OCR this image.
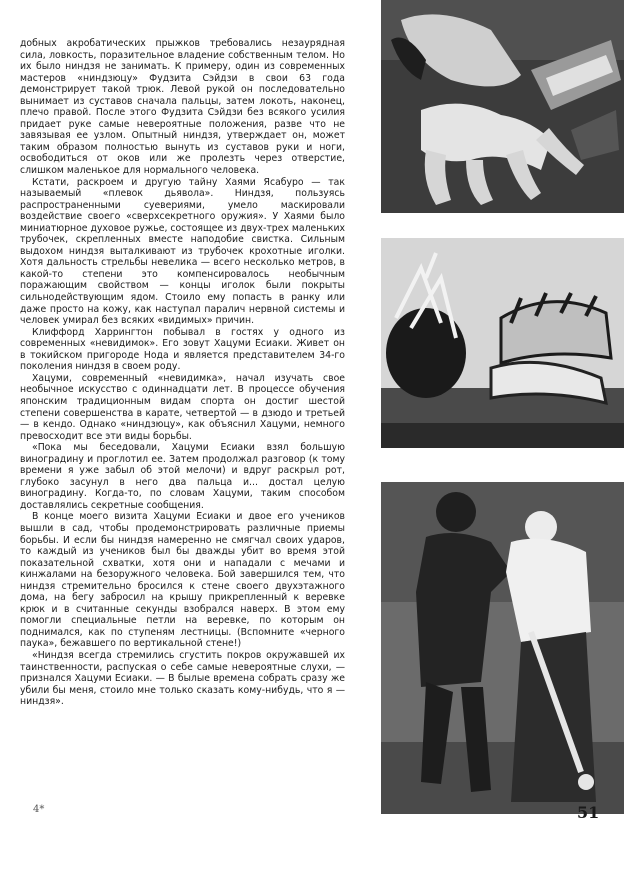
добных акробатических прыжков требовались незаурядная сила, ловкость, поразительное владение собственным телом. Но их было ниндзя не занимать. К примеру, один из современных мастеров «ниндзюцу» Фудзита Сэйдзи в свои 63 года демонстрирует такой трюк. Левой рукой он последовательно вынимает из суставов сначала пальцы, затем локоть, наконец, плечо правой. После этого Фудзита Сэйдзи без всякого усилия придает руке самые невероятные положения, разве что не завязывая ее узлом. Опытный ниндзя, утверждает он, может таким образом полностью вынуть из суставов руки и ноги, освободиться от оков или же пролезть через отверстие, слишком маленькое для нормального человека.

Кстати, раскроем и другую тайну Хаями Ясабуро — так называемый «плевок дьявола». Ниндзя, пользуясь распространенными суевериями, умело маскировали воздействие своего «сверхсекретного оружия». У Хаями было миниатюрное духовое ружье, состоящее из двух-трех маленьких трубочек, скрепленных вместе наподобие свистка. Сильным выдохом ниндзя выталкивают из трубочек крохотные иголки. Хотя дальность стрельбы невелика — всего несколько метров, в какой-то степени это компенсировалось необычным поражающим свойством — концы иголок были покрыты сильнодействующим ядом. Стоило ему попасть в ранку или даже просто на кожу, как наступал паралич нервной системы и человек умирал без всяких «видимых» причин.

Клиффорд Харрингтон побывал в гостях у одного из современных «невидимок». Его зовут Хацуми Есиаки. Живет он в токийском пригороде Нода и является представителем 34-го поколения ниндзя в своем роду.

Хацуми, современный «невидимка», начал изучать свое необычное искусство с одиннадцати лет. В процессе обучения японским традиционным видам спорта он достиг шестой степени совершенства в карате, четвертой — в дзюдо и третьей — в кендо. Однако «ниндзюцу», как объяснил Хацуми, немного превосходит все эти виды борьбы.

«Пока мы беседовали, Хацуми Есиаки взял большую виноградину и проглотил ее. Затем продолжал разговор (к тому времени я уже забыл об этой мелочи) и вдруг раскрыл рот, глубоко засунул в него два пальца и... достал целую виноградину. Когда-то, по словам Хацуми, таким способом доставлялись секретные сообщения.

В конце моего визита Хацуми Есиаки и двое его учеников вышли в сад, чтобы продемонстрировать различные приемы борьбы. И если бы ниндзя намеренно не смягчал своих ударов, то каждый из учеников был бы дважды убит во время этой показательной схватки, хотя они и нападали с мечами и кинжалами на безоружного человека. Бой завершился тем, что ниндзя стремительно бросился к стене своего двухэтажного дома, на бегу забросил на крышу прикрепленный к веревке крюк и в считанные секунды взобрался наверх. В этом ему помогли специальные петли на веревке, по которым он поднимался, как по ступеням лестницы. (Вспомните «черного паука», бежавшего по вертикальной стене!)

«Ниндзя всегда стремились сгустить покров окружавшей их таинственности, распуская о себе самые невероятные слухи, — признался Хацуми Есиаки. — В былые времена собрать сразу же убили бы меня, стоило мне только сказать кому-нибудь, что я — ниндзя».

4*	51
